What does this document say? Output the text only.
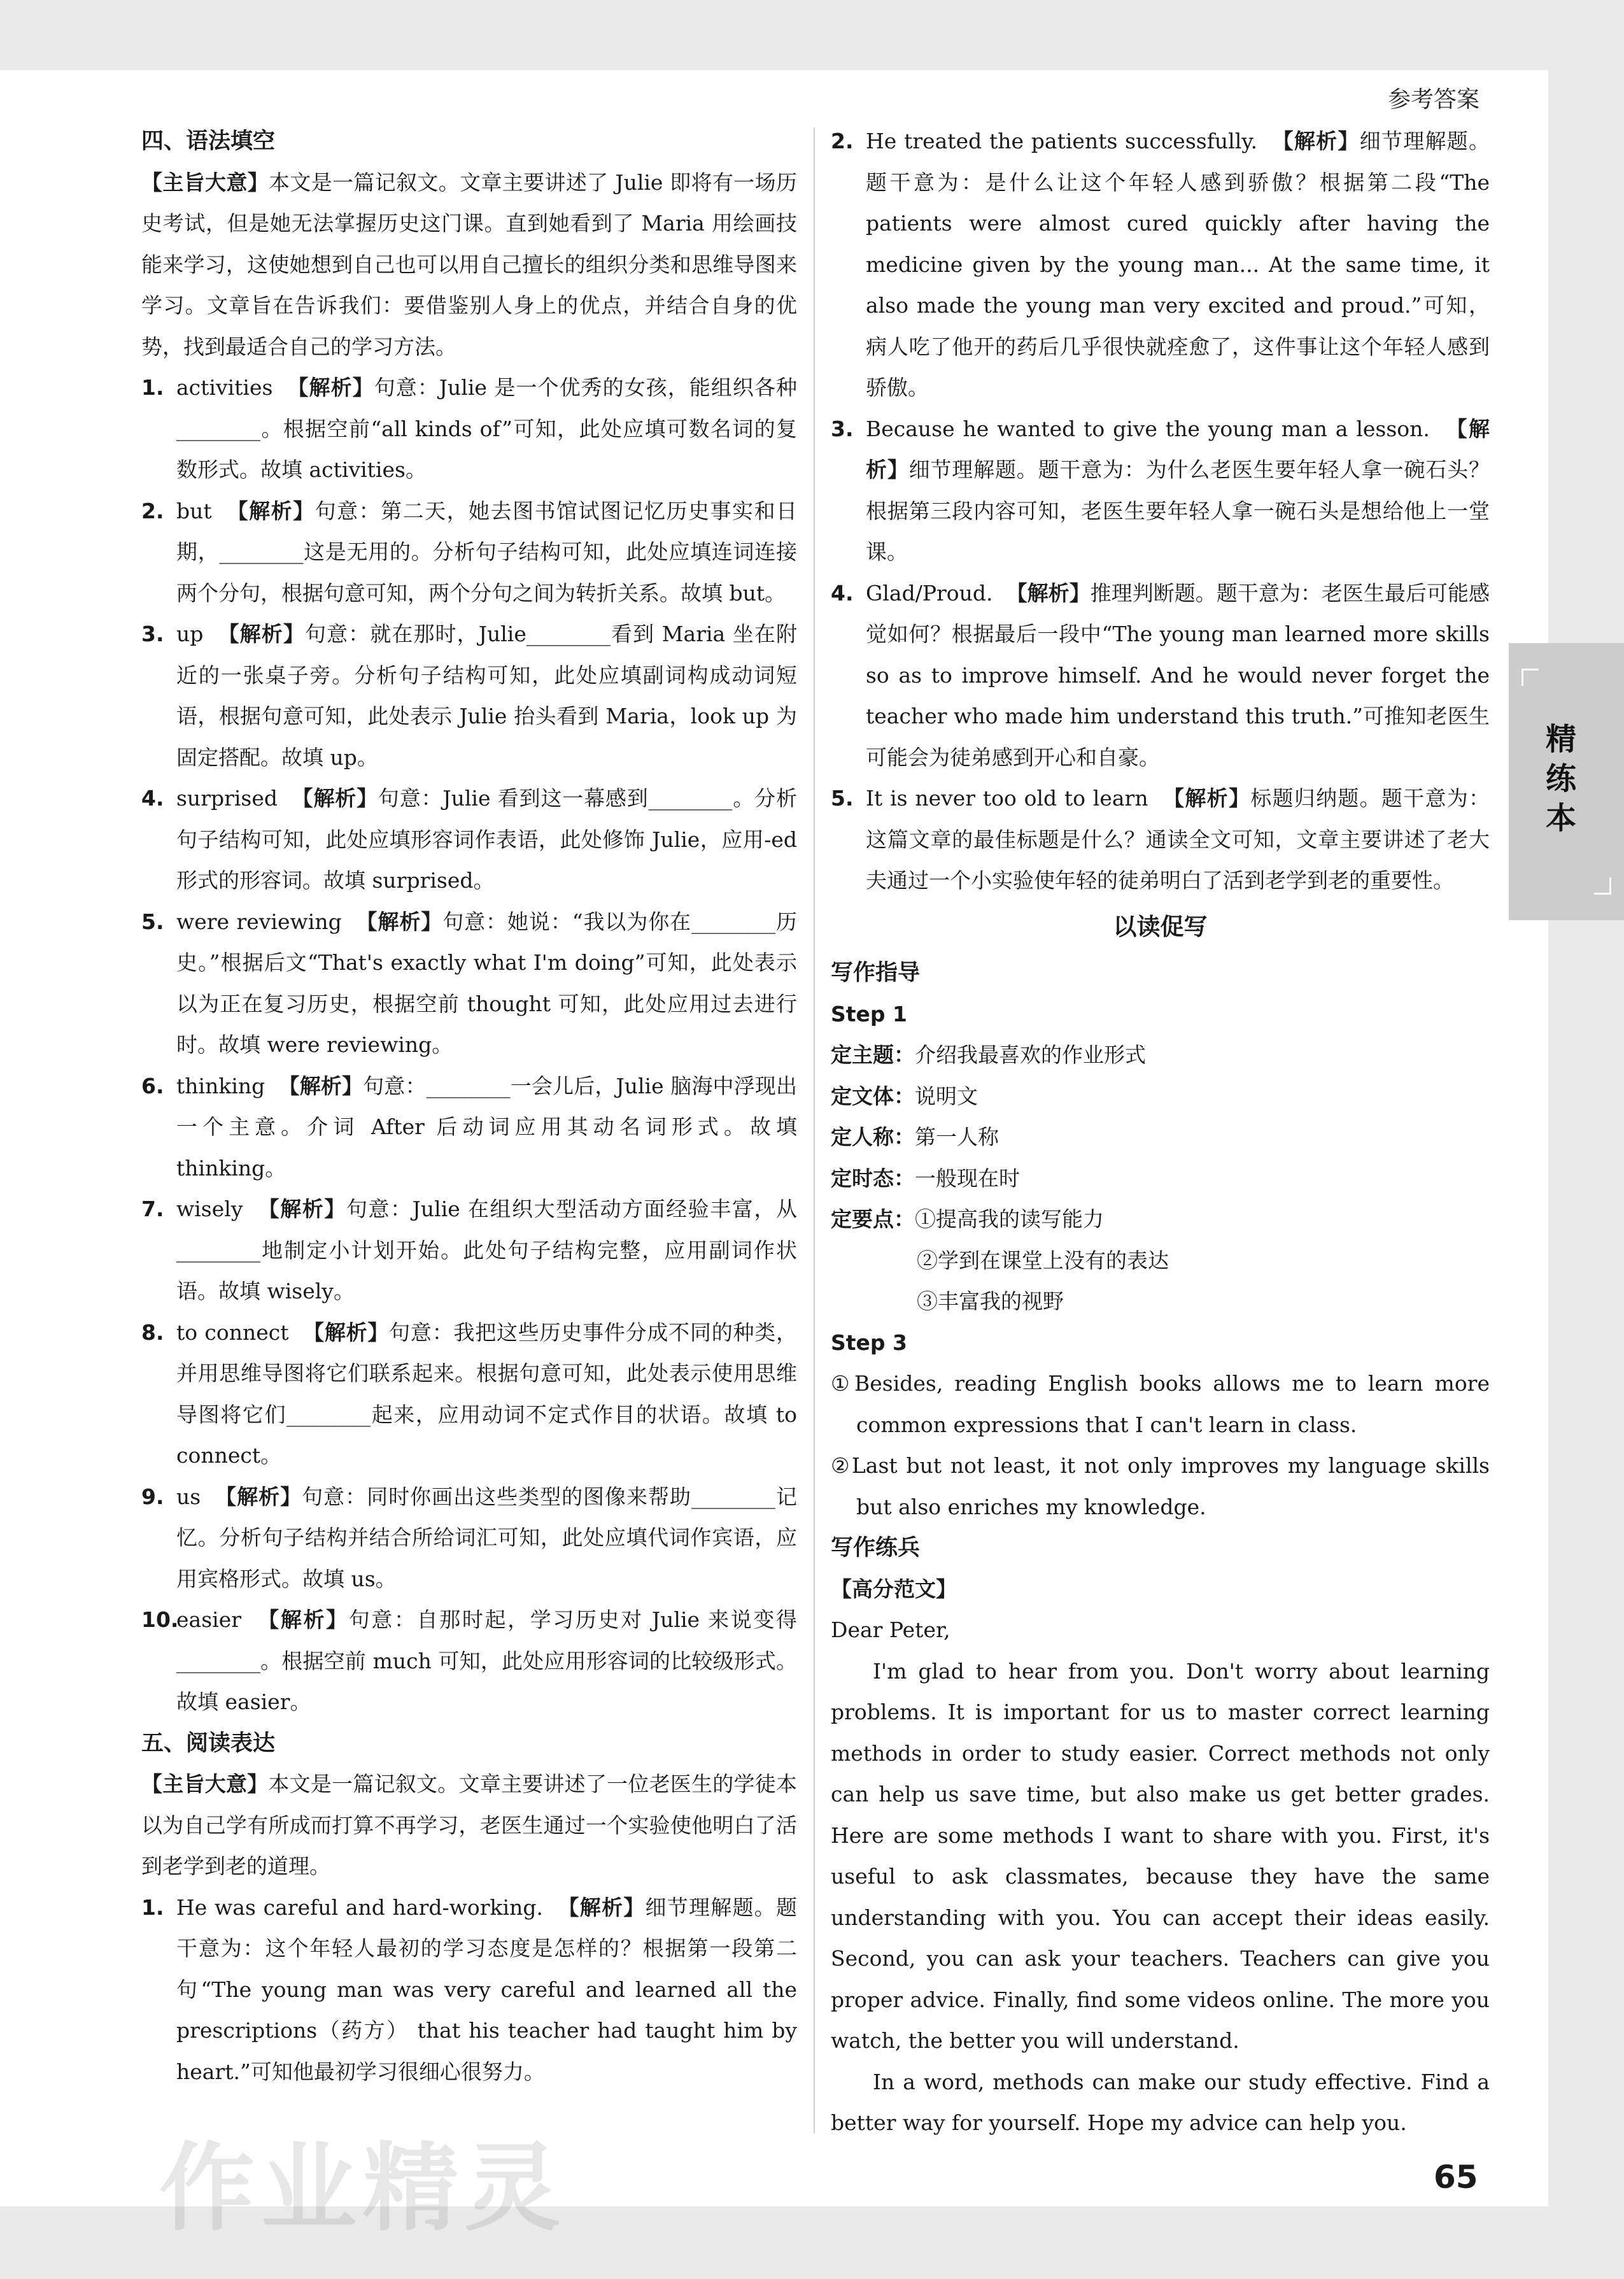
参考答案

四、语法填空

【主旨大意】本文是一篇记叙文。文章主要讲述了 Julie 即将有一场历史考试，但是她无法掌握历史这门课。直到她看到了 Maria 用绘画技能来学习，这使她想到自己也可以用自己擅长的组织分类和思维导图来学习。文章旨在告诉我们：要借鉴别人身上的优点，并结合自身的优势，找到最适合自己的学习方法。

1. activities 【解析】句意：Julie 是一个优秀的女孩，能组织各种________。根据空前“all kinds of”可知，此处应填可数名词的复数形式。故填 activities。

2. but 【解析】句意：第二天，她去图书馆试图记忆历史事实和日期，________这是无用的。分析句子结构可知，此处应填连词连接两个分句，根据句意可知，两个分句之间为转折关系。故填 but。

3. up 【解析】句意：就在那时，Julie________看到 Maria 坐在附近的一张桌子旁。分析句子结构可知，此处应填副词构成动词短语，根据句意可知，此处表示 Julie 抬头看到 Maria，look up 为固定搭配。故填 up。

4. surprised 【解析】句意：Julie 看到这一幕感到________。分析句子结构可知，此处应填形容词作表语，此处修饰 Julie，应用-ed 形式的形容词。故填 surprised。

5. were reviewing 【解析】句意：她说：“我以为你在________历史。”根据后文“That's exactly what I'm doing”可知，此处表示以为正在复习历史，根据空前 thought 可知，此处应用过去进行时。故填 were reviewing。

6. thinking 【解析】句意：________一会儿后，Julie 脑海中浮现出一个主意。介词 After 后动词应用其动名词形式。故填 thinking。

7. wisely 【解析】句意：Julie 在组织大型活动方面经验丰富，从________地制定小计划开始。此处句子结构完整，应用副词作状语。故填 wisely。

8. to connect 【解析】句意：我把这些历史事件分成不同的种类，并用思维导图将它们联系起来。根据句意可知，此处表示使用思维导图将它们________起来，应用动词不定式作目的状语。故填 to connect。

9. us 【解析】句意：同时你画出这些类型的图像来帮助________记忆。分析句子结构并结合所给词汇可知，此处应填代词作宾语，应用宾格形式。故填 us。

10.
easier 【解析】句意：自那时起，学习历史对 Julie 来说变得________。根据空前 much 可知，此处应用形容词的比较级形式。故填 easier。

五、阅读表达

【主旨大意】本文是一篇记叙文。文章主要讲述了一位老医生的学徒本以为自己学有所成而打算不再学习，老医生通过一个实验使他明白了活到老学到老的道理。

1. He was careful and hard-working. 【解析】细节理解题。题干意为：这个年轻人最初的学习态度是怎样的？根据第一段第二句“The young man was very careful and learned all the prescriptions（药方） that his teacher had taught him by heart.”可知他最初学习很细心很努力。

2. He treated the patients successfully. 【解析】细节理解题。题干意为：是什么让这个年轻人感到骄傲？根据第二段“The patients were almost cured quickly after having the medicine given by the young man... At the same time, it also made the young man very excited and proud.”可知，病人吃了他开的药后几乎很快就痊愈了，这件事让这个年轻人感到骄傲。

3. Because he wanted to give the young man a lesson. 【解析】细节理解题。题干意为：为什么老医生要年轻人拿一碗石头？根据第三段内容可知，老医生要年轻人拿一碗石头是想给他上一堂课。

4. Glad/Proud. 【解析】推理判断题。题干意为：老医生最后可能感觉如何？根据最后一段中“The young man learned more skills so as to improve himself. And he would never forget the teacher who made him understand this truth.”可推知老医生可能会为徒弟感到开心和自豪。

5. It is never too old to learn 【解析】标题归纳题。题干意为：这篇文章的最佳标题是什么？通读全文可知，文章主要讲述了老大夫通过一个小实验使年轻的徒弟明白了活到老学到老的重要性。

以读促写

写作指导

Step 1

定主题：介绍我最喜欢的作业形式

定文体：说明文

定人称：第一人称

定时态：一般现在时

定要点：①提高我的读写能力

②学到在课堂上没有的表达

③丰富我的视野

Step 3

①Besides, reading English books allows me to learn more common expressions that I can't learn in class.

②Last but not least, it not only improves my language skills but also enriches my knowledge.

写作练兵

【高分范文】

Dear Peter,

I'm glad to hear from you. Don't worry about learning problems. It is important for us to master correct learning methods in order to study easier. Correct methods not only can help us save time, but also make us get better grades. Here are some methods I want to share with you. First, it's useful to ask classmates, because they have the same understanding with you. You can accept their ideas easily. Second, you can ask your teachers. Teachers can give you proper advice. Finally, find some videos online. The more you watch, the better you will understand.

In a word, methods can make our study effective. Find a better way for yourself. Hope my advice can help you.

精练本
65
作业精灵
